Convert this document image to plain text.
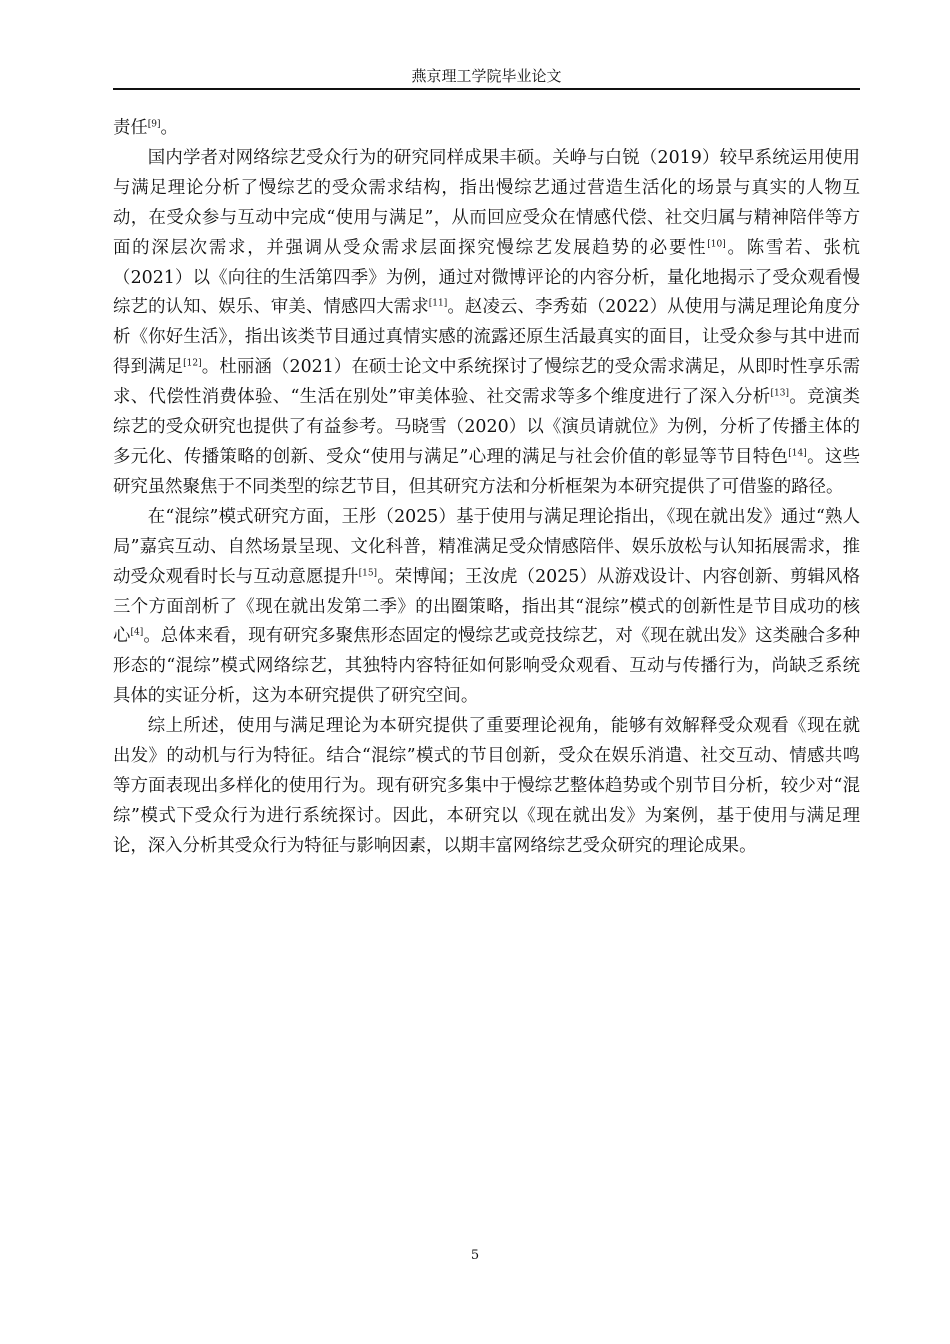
燕京理工学院毕业论文

责任[9]。

国内学者对网络综艺受众行为的研究同样成果丰硕。关峥与白锐（2019）较早系统运用使用与满足理论分析了慢综艺的受众需求结构，指出慢综艺通过营造生活化的场景与真实的人物互动，在受众参与互动中完成“使用与满足”，从而回应受众在情感代偿、社交归属与精神陪伴等方面的深层次需求，并强调从受众需求层面探究慢综艺发展趋势的必要性[10]。陈雪若、张杭（2021）以《向往的生活第四季》为例，通过对微博评论的内容分析，量化地揭示了受众观看慢综艺的认知、娱乐、审美、情感四大需求[11]。赵凌云、李秀茹（2022）从使用与满足理论角度分析《你好生活》，指出该类节目通过真情实感的流露还原生活最真实的面目，让受众参与其中进而得到满足[12]。杜丽涵（2021）在硕士论文中系统探讨了慢综艺的受众需求满足，从即时性享乐需求、代偿性消费体验、“生活在别处”审美体验、社交需求等多个维度进行了深入分析[13]。竞演类综艺的受众研究也提供了有益参考。马晓雪（2020）以《演员请就位》为例，分析了传播主体的多元化、传播策略的创新、受众“使用与满足”心理的满足与社会价值的彰显等节目特色[14]。这些研究虽然聚焦于不同类型的综艺节目，但其研究方法和分析框架为本研究提供了可借鉴的路径。

在“混综”模式研究方面，王彤（2025）基于使用与满足理论指出，《现在就出发》通过“熟人局”嘉宾互动、自然场景呈现、文化科普，精准满足受众情感陪伴、娱乐放松与认知拓展需求，推动受众观看时长与互动意愿提升[15]。荣博闻；王汝虎（2025）从游戏设计、内容创新、剪辑风格三个方面剖析了《现在就出发第二季》的出圈策略，指出其“混综”模式的创新性是节目成功的核心[4]。总体来看，现有研究多聚焦形态固定的慢综艺或竞技综艺，对《现在就出发》这类融合多种形态的“混综”模式网络综艺，其独特内容特征如何影响受众观看、互动与传播行为，尚缺乏系统具体的实证分析，这为本研究提供了研究空间。

综上所述，使用与满足理论为本研究提供了重要理论视角，能够有效解释受众观看《现在就出发》的动机与行为特征。结合“混综”模式的节目创新，受众在娱乐消遣、社交互动、情感共鸣等方面表现出多样化的使用行为。现有研究多集中于慢综艺整体趋势或个别节目分析，较少对“混综”模式下受众行为进行系统探讨。因此，本研究以《现在就出发》为案例，基于使用与满足理论，深入分析其受众行为特征与影响因素，以期丰富网络综艺受众研究的理论成果。

5
